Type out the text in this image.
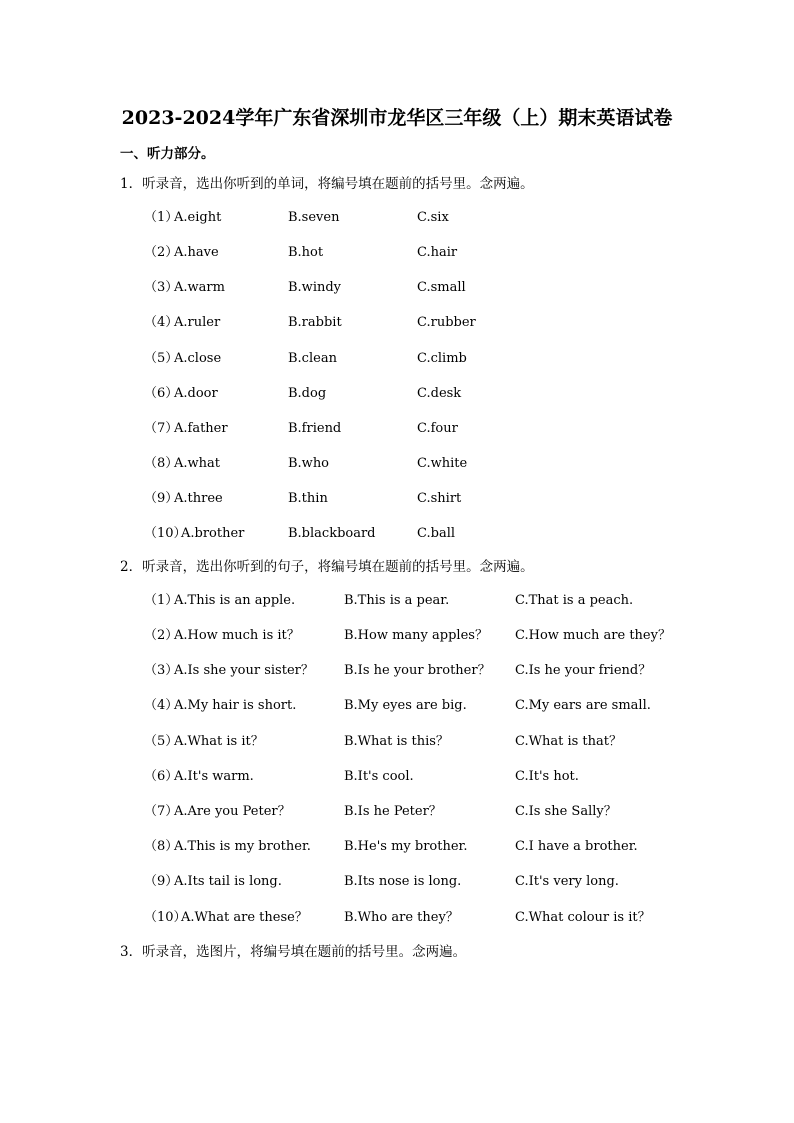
2023-2024学年广东省深圳市龙华区三年级（上）期末英语试卷
一、听力部分。
1．听录音，选出你听到的单词，将编号填在题前的括号里。念两遍。
（1）
A.eight	B.seven	C.six
（2）
A.have	B.hot	C.hair
（3）
A.warm	B.windy	C.small
（4）
A.ruler	B.rabbit	C.rubber
（5）
A.close	B.clean	C.climb
（6）
A.door	B.dog	C.desk
（7）
A.father	B.friend	C.four
（8）
A.what	B.who	C.white
（9）
A.three	B.thin	C.shirt
（10）
A.brother	B.blackboard	C.ball
2．听录音，选出你听到的句子，将编号填在题前的括号里。念两遍。
（1）
A.This is an apple.	B.This is a pear.	C.That is a peach.
（2）
A.How much is it？	B.How many apples？ C.How much are they？
（3）
A.Is she your sister？ B.Is he your brother？ C.Is he your friend？
（4）
A.My hair is short.	B.My eyes are big.	C.My ears are small.
（5）
A.What is it？	B.What is this？	C.What is that？
（6）
A.It's warm.	B.It's cool.	C.It's hot.
（7）
A.Are you Peter？	B.Is he Peter？	C.Is she Sally？
（8）
A.This is my brother.	B.He's my brother.	C.I have a brother.
（9）
A.Its tail is long.	B.Its nose is long.	C.It's very long.
（10）
A.What are these？	B.Who are they？	C.What colour is it？
3．听录音，选图片，将编号填在题前的括号里。念两遍。
